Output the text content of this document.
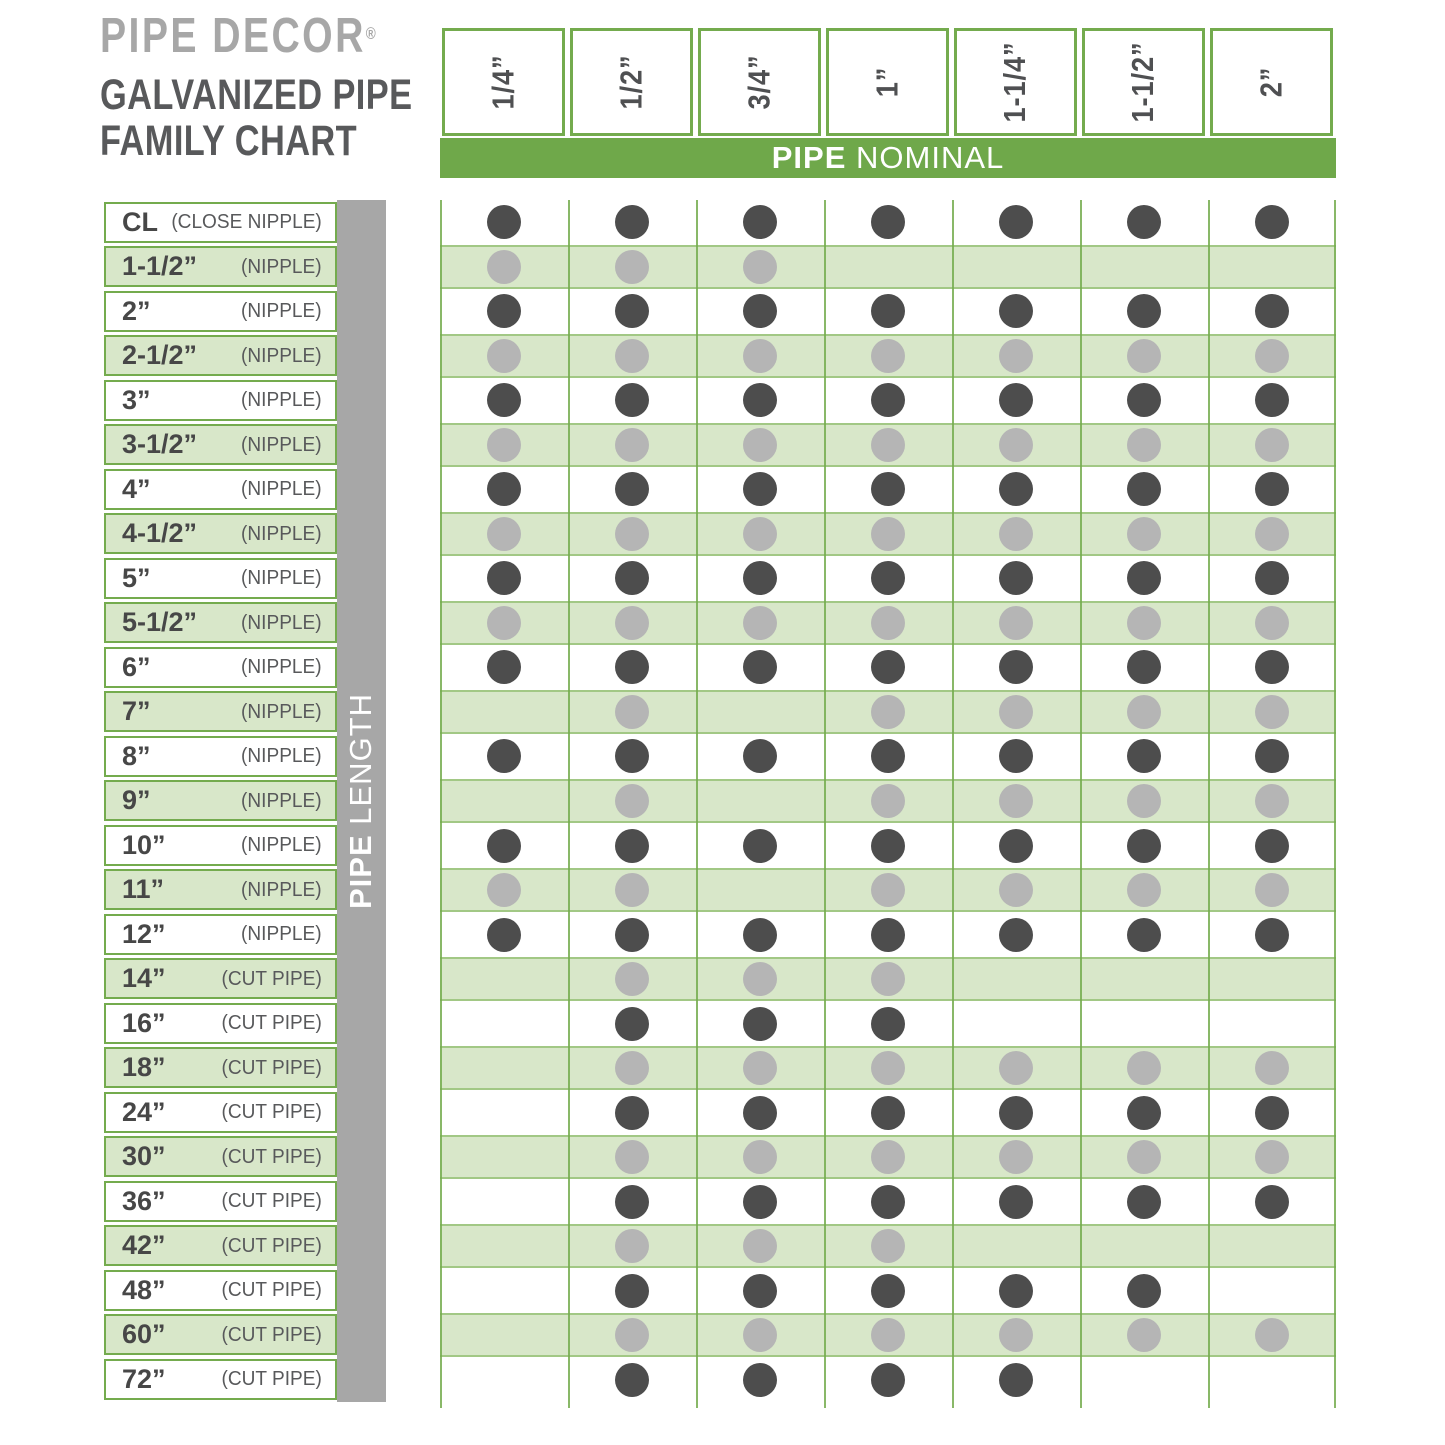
PIPE DECOR®
GALVANIZED PIPE
FAMILY CHART
1/4”	1/2”	3/4”	1”	1-1/4”	1-1/2”	2”
PIPE
NOMINAL
CL (CLOSE NIPPLE)
1-1/2” (NIPPLE)
2”	(NIPPLE)
2-1/2” (NIPPLE)
3”	(NIPPLE)
3-1/2” (NIPPLE)
4”	(NIPPLE)
4-1/2” (NIPPLE)
5”	(NIPPLE)
5-1/2” (NIPPLE)
6”	(NIPPLE)
7”	(NIPPLE)
8”	(NIPPLE)
9”	(NIPPLE)
10”	(NIPPLE)
11”	(NIPPLE)
12”	(NIPPLE)
14”	(CUT PIPE)
16”	(CUT PIPE)
18”	(CUT PIPE)
24”	(CUT PIPE)
30”	(CUT PIPE)
36”	(CUT PIPE)
42”	(CUT PIPE)
48”	(CUT PIPE)
60”	(CUT PIPE)
72”	(CUT PIPE)
PIPE LENGTH
